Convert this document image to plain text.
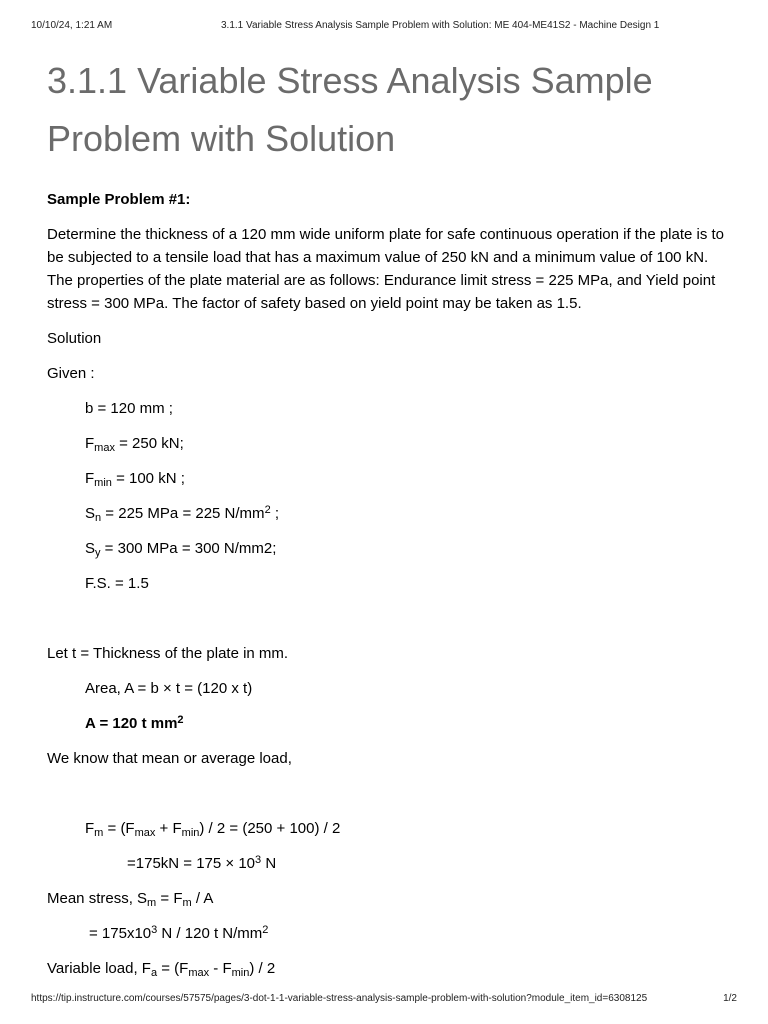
10/10/24, 1:21 AM	3.1.1 Variable Stress Analysis Sample Problem with Solution: ME 404-ME41S2 - Machine Design 1
3.1.1 Variable Stress Analysis Sample Problem with Solution

Sample Problem #1:

Determine the thickness of a 120 mm wide uniform plate for safe continuous operation if the plate is to be subjected to a tensile load that has a maximum value of 250 kN and a minimum value of 100 kN. The properties of the plate material are as follows: Endurance limit stress = 225 MPa, and Yield point stress = 300 MPa. The factor of safety based on yield point may be taken as 1.5.

Solution

Given :

b = 120 mm ;

$F_{max} = 250$ kN;

$F_{min} = 100$ kN ;

$S_n = 225$ MPa = 225 $N/mm^2$ ;

$S_y = 300$ MPa = 300 N/mm2;

F.S. = 1.5

Let t = Thickness of the plate in mm.

Area, A = b × t = (120 x t)

A = 120 t $mm^2$

We know that mean or average load,

$F_m = (F_{max} + F_{min}) / 2 = (250 + 100) / 2$

$=175kN = 175 \times 10^3$ N

Mean stress, $S_m = F_m / A$

= $175x10^3$ N / 120 t $N/mm^2$

Variable load, $F_a = (F_{max} - F_{min}) / 2$

https://tip.instructure.com/courses/57575/pages/3-dot-1-1-variable-stress-analysis-sample-problem-with-solution?module_item_id=6308125	1/2
